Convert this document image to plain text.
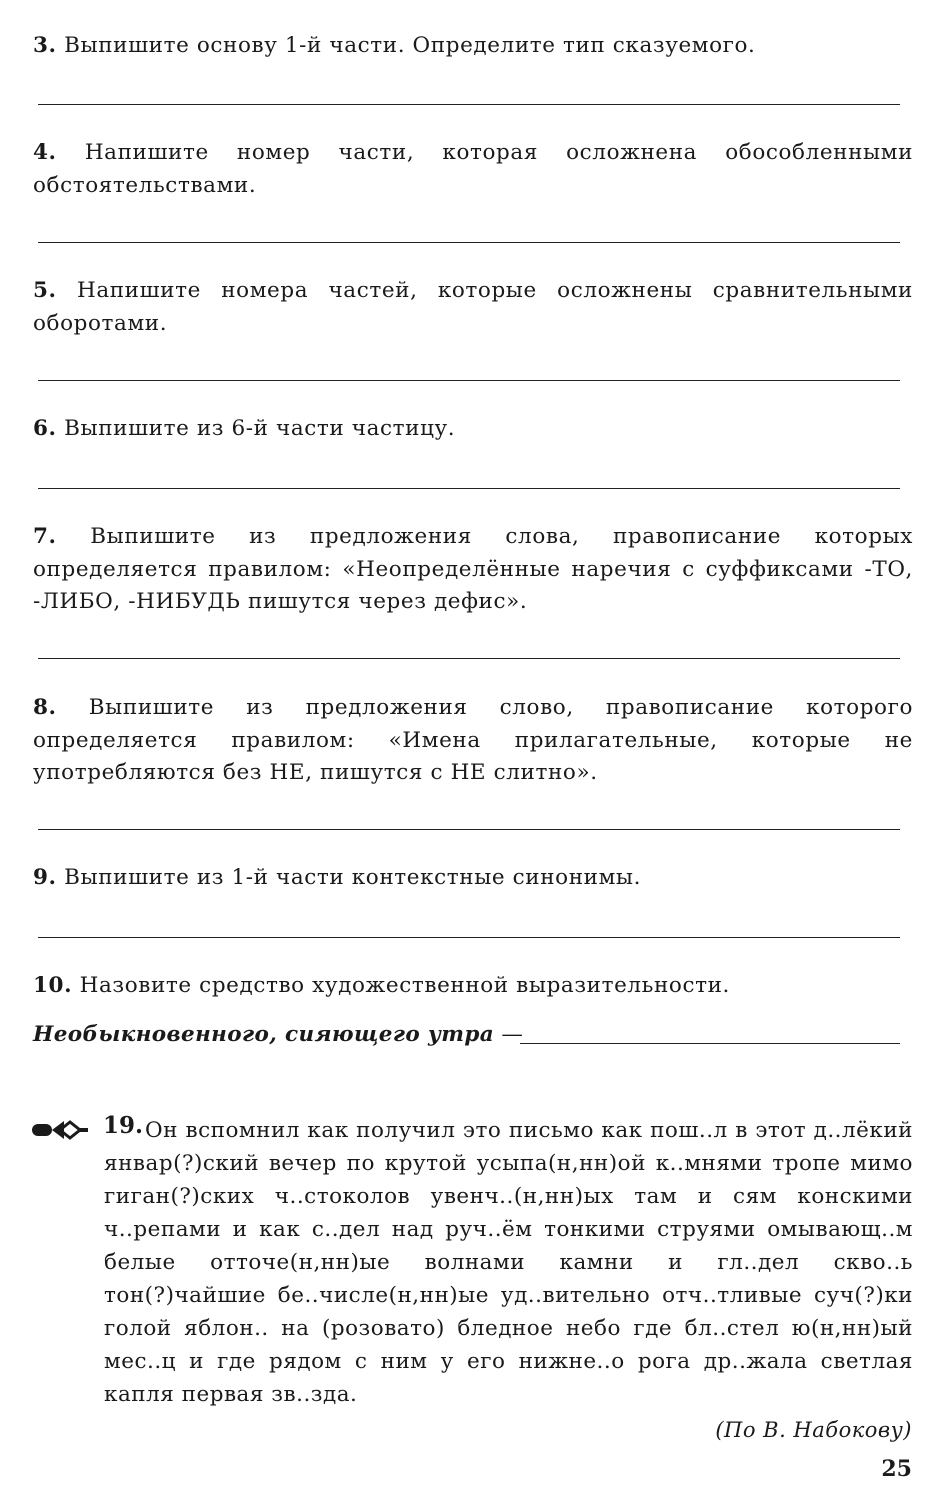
3. Выпишите основу 1-й части. Определите тип сказуемого.
4. Напишите номер части, которая осложнена обособленными обстоятельствами.
5. Напишите номера частей, которые осложнены сравнительными оборотами.
6. Выпишите из 6-й части частицу.
7. Выпишите из предложения слова, правописание которых определяется правилом: «Неопределённые наречия с суффиксами -ТО, -ЛИБО, -НИБУДЬ пишутся через дефис».
8. Выпишите из предложения слово, правописание которого определяется правилом: «Имена прилагательные, которые не употребляются без НЕ, пишутся с НЕ слитно».
9. Выпишите из 1-й части контекстные синонимы.
10. Назовите средство художественной выразительности.
Необыкновенного, сияющего утра —
19. Он вспомнил как получил это письмо как пош..л в этот д..лёкий январ(?)ский вечер по крутой усыпа(н,нн)ой к..мнями тропе мимо гиган(?)ских ч..стоколов увенч..(н,нн)ых там и сям конскими ч..репами и как с..дел над руч..ём тонкими струями омывающ..м белые отточе(н,нн)ые волнами камни и гл..дел скво..ь тон(?)чайшие бе..числе(н,нн)ые уд..вительно отч..тливые суч(?)ки голой яблон.. на (розовато) бледное небо где бл..стел ю(н,нн)ый мес..ц и где рядом с ним у его нижне..о рога др..жала светлая капля первая зв..зда.
(По В. Набокову)
25
